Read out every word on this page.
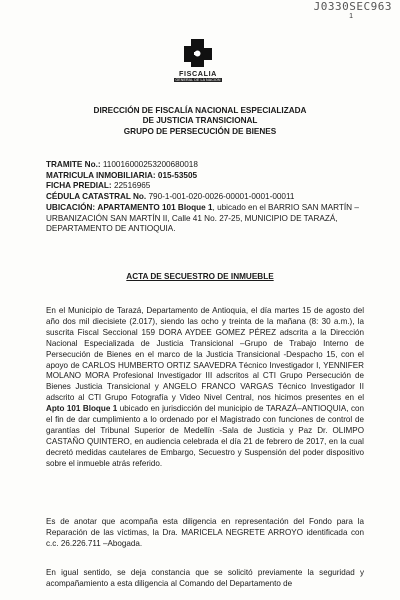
J0330SEC963
1
FISCALIA
GENERAL DE LA NACIÓN
DIRECCIÓN DE FISCALÍA NACIONAL ESPECIALIZADA
DE JUSTICIA TRANSICIONAL
GRUPO DE PERSECUCIÓN DE BIENES
TRAMITE No.: 110016000253200680018
MATRICULA INMOBILIARIA: 015-53505
FICHA PREDIAL: 22516965
CÉDULA CATASTRAL No. 790-1-001-020-0026-00001-0001-00011
UBICACIÓN: APARTAMENTO 101 Bloque 1, ubicado en el BARRIO SAN MARTÍN –URBANIZACIÓN SAN MARTÍN II, Calle 41 No. 27-25, MUNICIPIO DE TARAZÁ, DEPARTAMENTO DE ANTIOQUIA.
ACTA DE SECUESTRO DE INMUEBLE

En el Municipio de Tarazá, Departamento de Antioquia, el día martes 15 de agosto del año dos mil diecisiete (2.017), siendo las ocho y treinta de la mañana (8: 30 a.m.), la suscrita Fiscal Seccional 159 DORA AYDEE GOMEZ PÉREZ adscrita a la Dirección Nacional Especializada de Justicia Transicional –Grupo de Trabajo Interno de Persecución de Bienes en el marco de la Justicia Transicional -Despacho 15, con el apoyo de CARLOS HUMBERTO ORTIZ SAAVEDRA Técnico Investigador I, YENNIFER MOLANO MORA Profesional Investigador III adscritos al CTI Grupo Persecución de Bienes Justicia Transicional y ANGELO FRANCO VARGAS Técnico Investigador II adscrito al CTI Grupo Fotografía y Video Nivel Central, nos hicimos presentes en el Apto 101 Bloque 1 ubicado en jurisdicción del municipio de TARAZÁ–ANTIOQUIA, con el fin de dar cumplimiento a lo ordenado por el Magistrado con funciones de control de garantías del Tribunal Superior de Medellín -Sala de Justicia y Paz Dr. OLIMPO CASTAÑO QUINTERO, en audiencia celebrada el día 21 de febrero de 2017, en la cual decretó medidas cautelares de Embargo, Secuestro y Suspensión del poder dispositivo sobre el inmueble atrás referido.

Es de anotar que acompaña esta diligencia en representación del Fondo para la Reparación de las víctimas, la Dra. MARICELA NEGRETE ARROYO identificada con c.c. 26.226.711 –Abogada.

En igual sentido, se deja constancia que se solicitó previamente la seguridad y acompañamiento a esta diligencia al Comando del Departamento de
